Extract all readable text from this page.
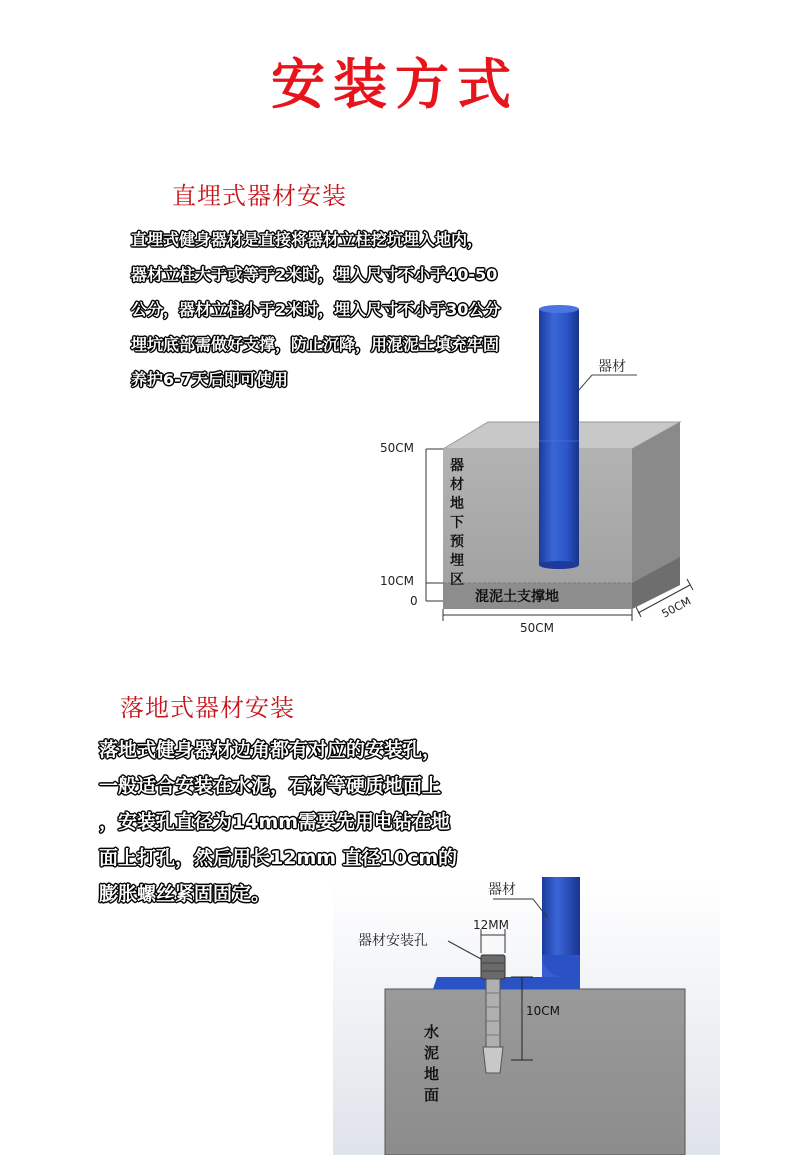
安装方式
直埋式器材安装
直埋式健身器材是直接将器材立柱挖坑埋入地内，
器材立柱大于或等于2米时，埋入尺寸不小于40-50
公分，器材立柱小于2米时，埋入尺寸不小于30公分
埋坑底部需做好支撑，防止沉降，用混泥土填充牢固
养护6-7天后即可使用
器材
器
材
地
下
预
埋
区
混泥土支撑地
50CM
10CM
0
50CM
50CM
落地式器材安装
落地式健身器材边角都有对应的安装孔，
一般适合安装在水泥，石材等硬质地面上
，安装孔直径为14mm需要先用电钻在地
面上打孔，然后用长12mm 直径10cm的
膨胀螺丝紧固固定。	器材
器材安装孔
12MM
10CM
水
泥
地
面
